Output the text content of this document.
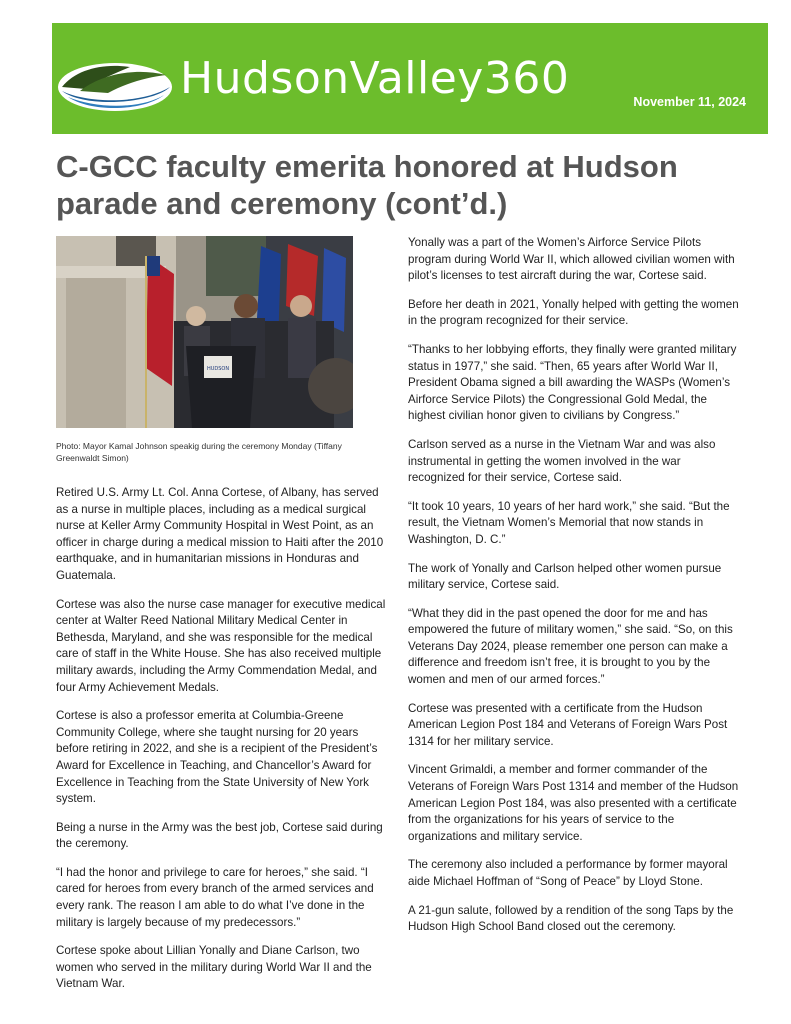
HudsonValley360	November 11, 2024
C-GCC faculty emerita honored at Hudson parade and ceremony (cont’d.)
HUDSON
Photo: Mayor Kamal Johnson speakig during the ceremony Monday (Tiffany Greenwaldt Simon)

Retired U.S. Army Lt. Col. Anna Cortese, of Albany, has served as a nurse in multiple places, including as a medical surgical nurse at Keller Army Community Hospital in West Point, as an officer in charge during a medical mission to Haiti after the 2010 earthquake, and in humanitarian missions in Honduras and Guatemala.

Cortese was also the nurse case manager for executive medical center at Walter Reed National Military Medical Center in Bethesda, Maryland, and she was responsible for the medical care of staff in the White House. She has also received multiple military awards, including the Army Commendation Medal, and four Army Achievement Medals.

Cortese is also a professor emerita at Columbia-Greene Community College, where she taught nursing for 20 years before retiring in 2022, and she is a recipient of the President’s Award for Excellence in Teaching, and Chancellor’s Award for Excellence in Teaching from the State University of New York system.

Being a nurse in the Army was the best job, Cortese said during the ceremony.

“I had the honor and privilege to care for heroes,” she said. “I cared for heroes from every branch of the armed services and every rank. The reason I am able to do what I’ve done in the military is largely because of my predecessors.”

Cortese spoke about Lillian Yonally and Diane Carlson, two women who served in the military during World War II and the Vietnam War.

Yonally was a part of the Women’s Airforce Service Pilots program during World War II, which allowed civilian women with pilot’s licenses to test aircraft during the war, Cortese said.

Before her death in 2021, Yonally helped with getting the women in the program recognized for their service.

“Thanks to her lobbying efforts, they finally were granted military status in 1977,” she said. “Then, 65 years after World War II, President Obama signed a bill awarding the WASPs (Women’s Airforce Service Pilots) the Congressional Gold Medal, the highest civilian honor given to civilians by Congress.”

Carlson served as a nurse in the Vietnam War and was also instrumental in getting the women involved in the war recognized for their service, Cortese said.

“It took 10 years, 10 years of her hard work,” she said. “But the result, the Vietnam Women’s Memorial that now stands in Washington, D. C.”

The work of Yonally and Carlson helped other women pursue military service, Cortese said.

“What they did in the past opened the door for me and has empowered the future of military women,” she said. “So, on this Veterans Day 2024, please remember one person can make a difference and freedom isn’t free, it is brought to you by the women and men of our armed forces.”

Cortese was presented with a certificate from the Hudson American Legion Post 184 and Veterans of Foreign Wars Post 1314 for her military service.

Vincent Grimaldi, a member and former commander of the Veterans of Foreign Wars Post 1314 and member of the Hudson American Legion Post 184, was also presented with a certificate from the organizations for his years of service to the organizations and military service.

The ceremony also included a performance by former mayoral aide Michael Hoffman of “Song of Peace” by Lloyd Stone.

A 21-gun salute, followed by a rendition of the song Taps by the Hudson High School Band closed out the ceremony.
